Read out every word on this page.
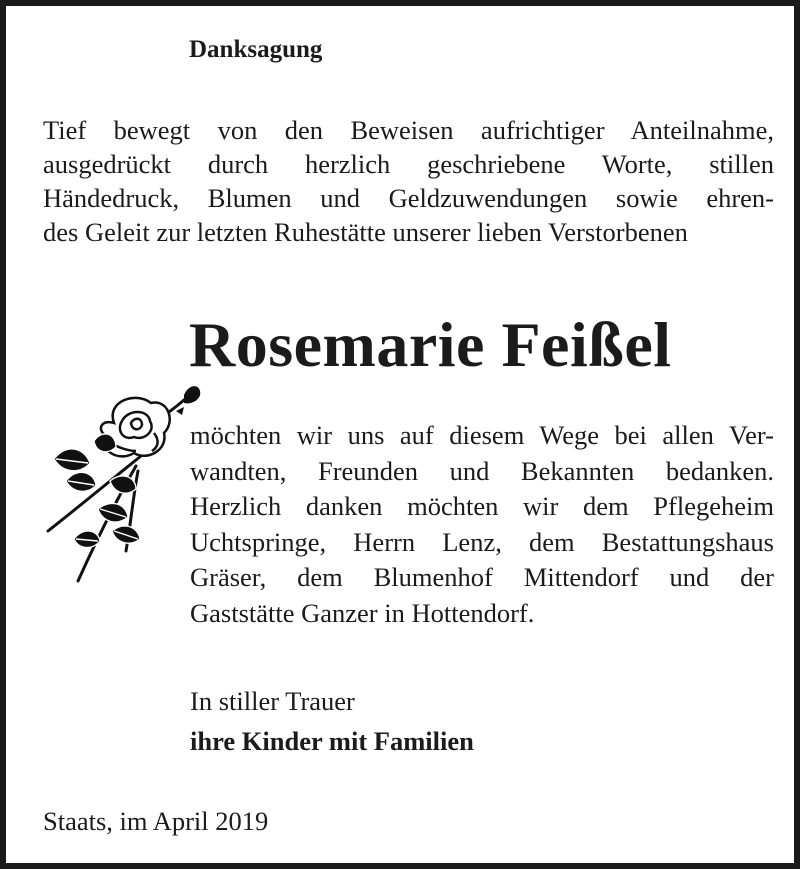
Danksagung

Tief bewegt von den Beweisen aufrichtiger Anteilnahme,
ausgedrückt durch herzlich geschriebene Worte, stillen
Händedruck, Blumen und Geldzuwendungen sowie ehren-
des Geleit zur letzten Ruhestätte unserer lieben Verstorbenen

Rosemarie Feißel

möchten wir uns auf diesem Wege bei allen Ver-
wandten, Freunden und Bekannten bedanken.
Herzlich danken möchten wir dem Pflegeheim
Uchtspringe, Herrn Lenz, dem Bestattungshaus
Gräser, dem Blumenhof Mittendorf und der
Gaststätte Ganzer in Hottendorf.

In stiller Trauer

ihre Kinder mit Familien

Staats, im April 2019
